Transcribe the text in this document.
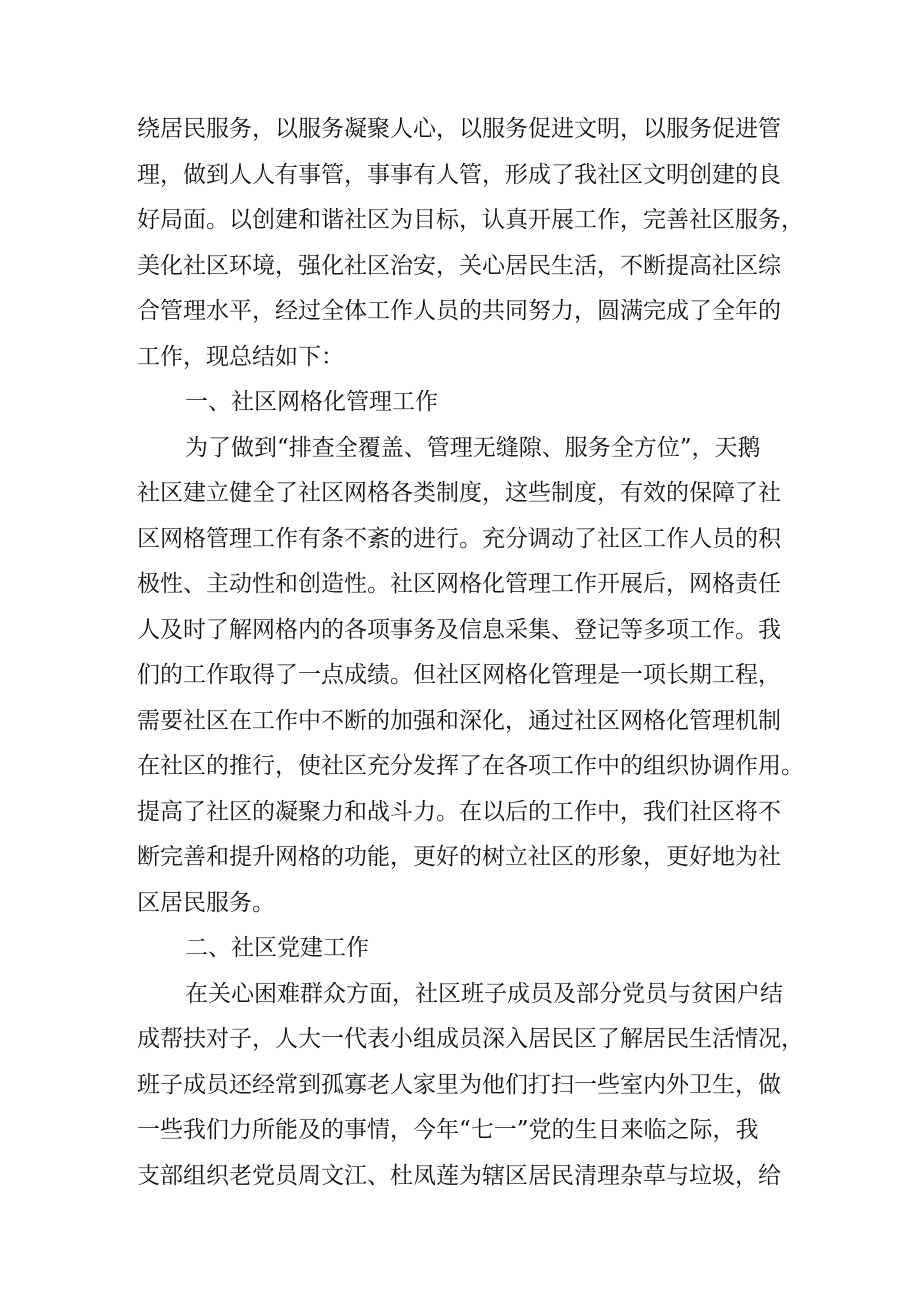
绕居民服务，以服务凝聚人心，以服务促进文明，以服务促进管
理，做到人人有事管，事事有人管，形成了我社区文明创建的良
好局面。以创建和谐社区为目标，认真开展工作，完善社区服务，
美化社区环境，强化社区治安，关心居民生活，不断提高社区综
合管理水平，经过全体工作人员的共同努力，圆满完成了全年的
工作，现总结如下：
一、社区网格化管理工作
为了做到“排查全覆盖、管理无缝隙、服务全方位”，天鹅
社区建立健全了社区网格各类制度，这些制度，有效的保障了社
区网格管理工作有条不紊的进行。充分调动了社区工作人员的积
极性、主动性和创造性。社区网格化管理工作开展后，网格责任
人及时了解网格内的各项事务及信息采集、登记等多项工作。我
们的工作取得了一点成绩。但社区网格化管理是一项长期工程，
需要社区在工作中不断的加强和深化，通过社区网格化管理机制
在社区的推行，使社区充分发挥了在各项工作中的组织协调作用。
提高了社区的凝聚力和战斗力。在以后的工作中，我们社区将不
断完善和提升网格的功能，更好的树立社区的形象，更好地为社
区居民服务。
二、社区党建工作
在关心困难群众方面，社区班子成员及部分党员与贫困户结
成帮扶对子，人大一代表小组成员深入居民区了解居民生活情况，
班子成员还经常到孤寡老人家里为他们打扫一些室内外卫生，做
一些我们力所能及的事情，今年“七一”党的生日来临之际，我
支部组织老党员周文江、杜凤莲为辖区居民清理杂草与垃圾，给
